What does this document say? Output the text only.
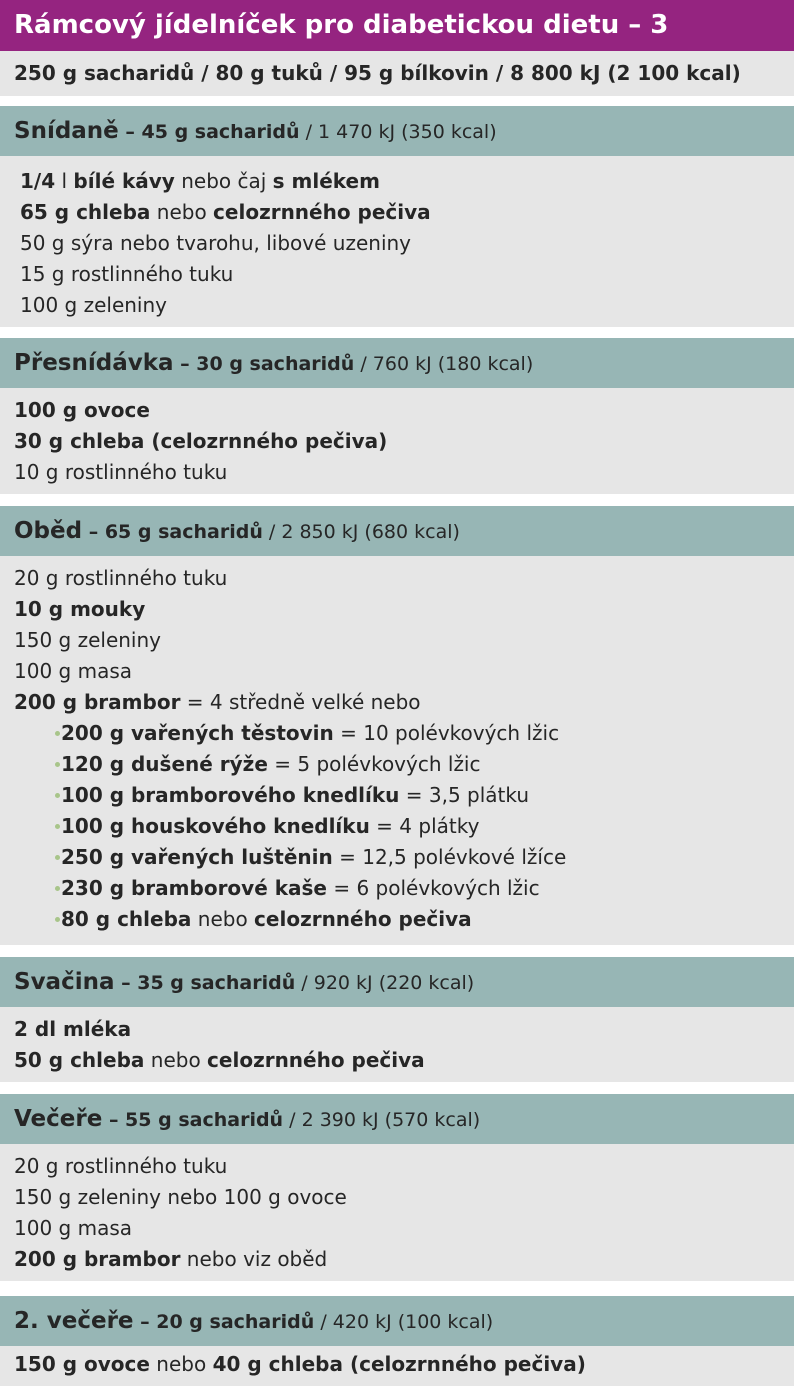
Rámcový jídelníček pro diabetickou dietu – 3
250 g sacharidů / 80 g tuků / 95 g bílkovin / 8 800 kJ (2 100 kcal)
Snídaně – 45 g sacharidů / 1 470 kJ (350 kcal)
1/4 l bílé kávy nebo čaj s mlékem
65 g chleba nebo celozrnného pečiva
50 g sýra nebo tvarohu, libové uzeniny
15 g rostlinného tuku
100 g zeleniny
Přesnídávka – 30 g sacharidů / 760 kJ (180 kcal)
100 g ovoce
30 g chleba (celozrnného pečiva)
10 g rostlinného tuku
Oběd – 65 g sacharidů / 2 850 kJ (680 kcal)
20 g rostlinného tuku
10 g mouky
150 g zeleniny
100 g masa
200 g brambor = 4 středně velké nebo
200 g vařených těstovin = 10 polévkových lžic
120 g dušené rýže = 5 polévkových lžic
100 g bramborového knedlíku = 3,5 plátku
100 g houskového knedlíku = 4 plátky
250 g vařených luštěnin = 12,5 polévkové lžíce
230 g bramborové kaše = 6 polévkových lžic
80 g chleba nebo celozrnného pečiva
Svačina – 35 g sacharidů / 920 kJ (220 kcal)
2 dl mléka
50 g chleba nebo celozrnného pečiva
Večeře – 55 g sacharidů / 2 390 kJ (570 kcal)
20 g rostlinného tuku
150 g zeleniny nebo 100 g ovoce
100 g masa
200 g brambor nebo viz oběd
2. večeře – 20 g sacharidů / 420 kJ (100 kcal)
150 g ovoce nebo 40 g chleba (celozrnného pečiva)
